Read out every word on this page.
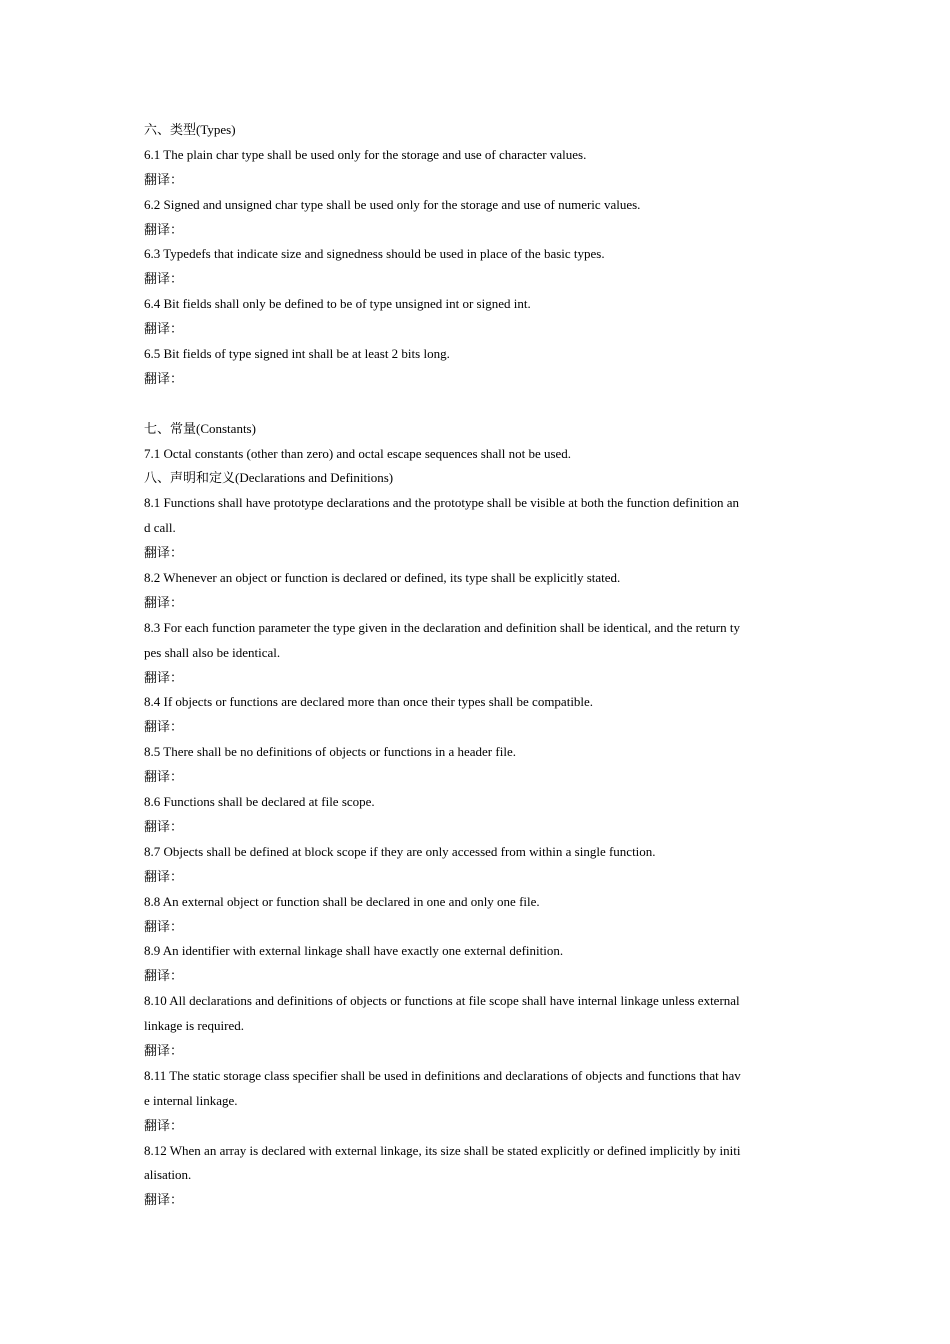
六、类型(Types)
6.1 The plain char type shall be used only for the storage and use of character values.
翻译：
6.2 Signed and unsigned char type shall be used only for the storage and use of numeric values.
翻译：
6.3 Typedefs that indicate size and signedness should be used in place of the basic types.
翻译：
6.4 Bit fields shall only be defined to be of type unsigned int or signed int.
翻译：
6.5 Bit fields of type signed int shall be at least 2 bits long.
翻译：
七、常量(Constants)
7.1 Octal constants (other than zero) and octal escape sequences shall not be used.
八、声明和定义(Declarations and Definitions)
8.1 Functions shall have prototype declarations and the prototype shall be visible at both the function definition an
d call.
翻译：
8.2 Whenever an object or function is declared or defined, its type shall be explicitly stated.
翻译：
8.3 For each function parameter the type given in the declaration and definition shall be identical, and the return ty
pes shall also be identical.
翻译：
8.4 If objects or functions are declared more than once their types shall be compatible.
翻译：
8.5 There shall be no definitions of objects or functions in a header file.
翻译：
8.6 Functions shall be declared at file scope.
翻译：
8.7 Objects shall be defined at block scope if they are only accessed from within a single function.
翻译：
8.8 An external object or function shall be declared in one and only one file.
翻译：
8.9 An identifier with external linkage shall have exactly one external definition.
翻译：
8.10 All declarations and definitions of objects or functions at file scope shall have internal linkage unless external
linkage is required.
翻译：
8.11 The static storage class specifier shall be used in definitions and declarations of objects and functions that hav
e internal linkage.
翻译：
8.12 When an array is declared with external linkage, its size shall be stated explicitly or defined implicitly by initi
alisation.
翻译：
